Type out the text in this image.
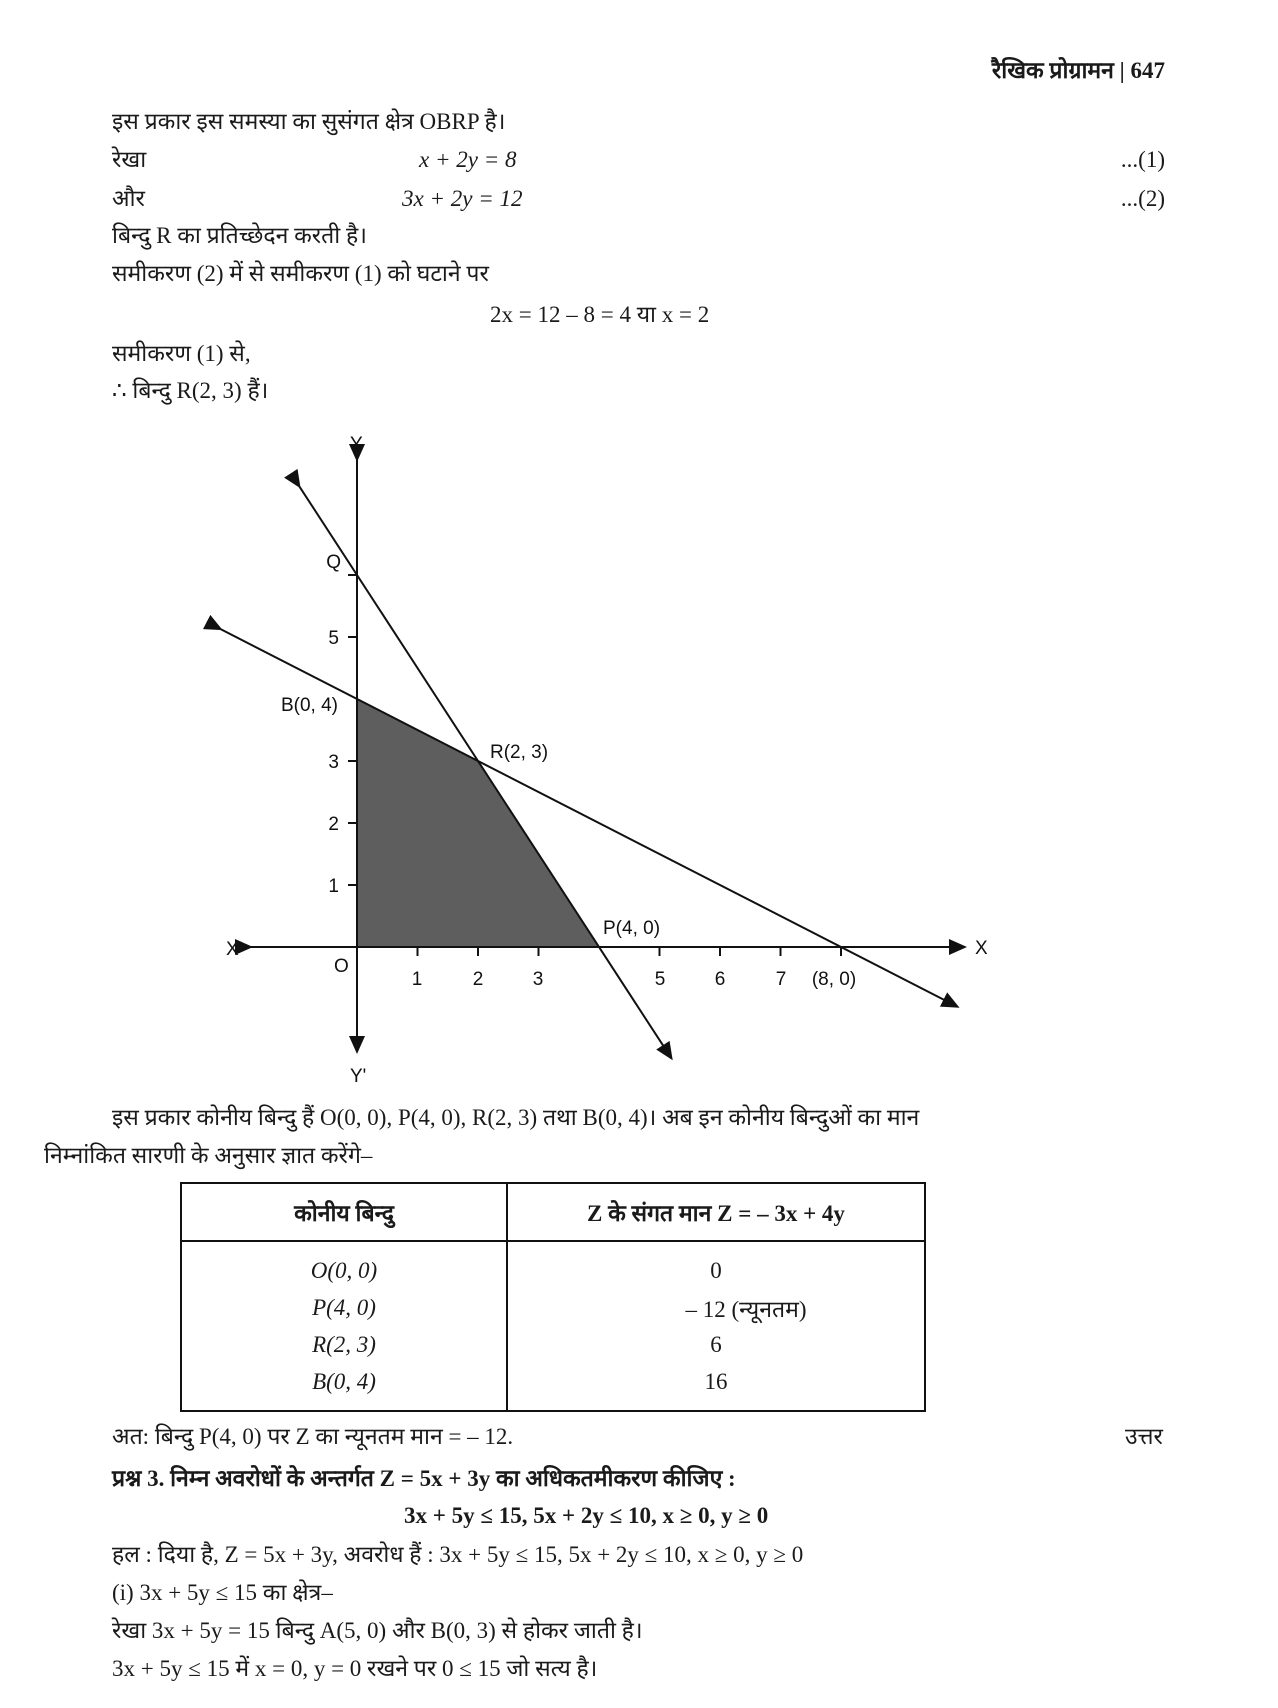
रैखिक प्रोग्रामन | 647
इस प्रकार इस समस्या का सुसंगत क्षेत्र OBRP है।
रेखा	x + 2y = 8	...(1)
और	3x + 2y = 12	...(2)
बिन्दु R का प्रतिच्छेदन करती है।
समीकरण (2) में से समीकरण (1) को घटाने पर
2x = 12 – 8 = 4 या x = 2
समीकरण (1) से,
∴ बिन्दु R(2, 3) हैं।
1	2	3	5	6	7 (8, 0)
1
2
3
5
Q
B(0, 4)
R(2, 3)
P(4, 0)
O
X'	X
Y
Y'
इस प्रकार कोनीय बिन्दु हैं O(0, 0), P(4, 0), R(2, 3) तथा B(0, 4)। अब इन कोनीय बिन्दुओं का मान
निम्नांकित सारणी के अनुसार ज्ञात करेंगे–
कोनीय बिन्दु	Z के संगत मान Z = – 3x + 4y
O(0, 0)	0
P(4, 0)	– 12 (न्यूनतम)
R(2, 3)	6
B(0, 4)	16
अत: बिन्दु P(4, 0) पर Z का न्यूनतम मान = – 12.	उत्तर
प्रश्न 3. निम्न अवरोधों के अन्तर्गत Z = 5x + 3y का अधिकतमीकरण कीजिए :
3x + 5y ≤ 15, 5x + 2y ≤ 10, x ≥ 0, y ≥ 0
हल : दिया है, Z = 5x + 3y, अवरोध हैं : 3x + 5y ≤ 15, 5x + 2y ≤ 10, x ≥ 0, y ≥ 0
(i) 3x + 5y ≤ 15 का क्षेत्र–
रेखा 3x + 5y = 15 बिन्दु A(5, 0) और B(0, 3) से होकर जाती है।
3x + 5y ≤ 15 में x = 0, y = 0 रखने पर 0 ≤ 15 जो सत्य है।
